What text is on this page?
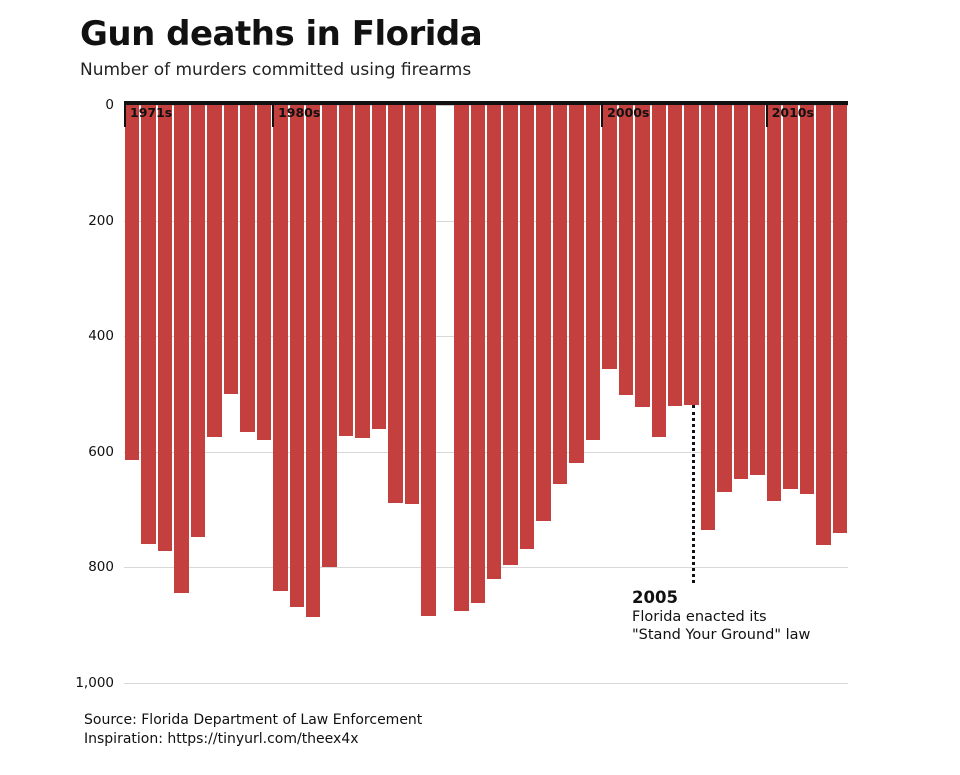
Gun deaths in Florida
Number of murders committed using firearms
2005
Florida enacted its "Stand Your Ground" law
Source: Florida Department of Law Enforcement
Inspiration: https://tinyurl.com/theex4x
0
200
400
600
800
1,000
1971s	1980s	2000s	2010s
